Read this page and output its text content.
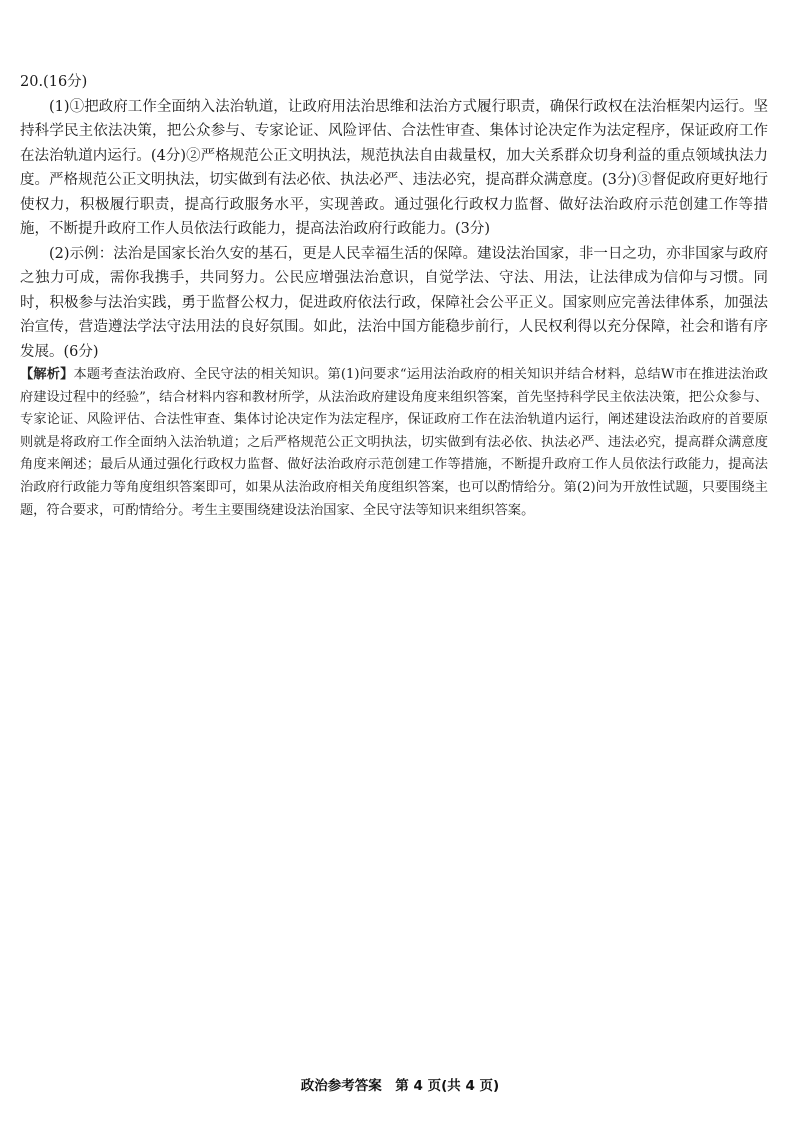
20.(16分)

(1)①把政府工作全面纳入法治轨道，让政府用法治思维和法治方式履行职责，确保行政权在法治框架内运行。坚持科学民主依法决策，把公众参与、专家论证、风险评估、合法性审查、集体讨论决定作为法定程序，保证政府工作在法治轨道内运行。(4分)②严格规范公正文明执法，规范执法自由裁量权，加大关系群众切身利益的重点领域执法力度。严格规范公正文明执法，切实做到有法必依、执法必严、违法必究，提高群众满意度。(3分)③督促政府更好地行使权力，积极履行职责，提高行政服务水平，实现善政。通过强化行政权力监督、做好法治政府示范创建工作等措施，不断提升政府工作人员依法行政能力，提高法治政府行政能力。(3分)

(2)示例：法治是国家长治久安的基石，更是人民幸福生活的保障。建设法治国家，非一日之功，亦非国家与政府之独力可成，需你我携手，共同努力。公民应增强法治意识，自觉学法、守法、用法，让法律成为信仰与习惯。同时，积极参与法治实践，勇于监督公权力，促进政府依法行政，保障社会公平正义。国家则应完善法律体系，加强法治宣传，营造遵法学法守法用法的良好氛围。如此，法治中国方能稳步前行，人民权利得以充分保障，社会和谐有序发展。(6分)

【解析】本题考查法治政府、全民守法的相关知识。第(1)问要求“运用法治政府的相关知识并结合材料，总结W市在推进法治政府建设过程中的经验”，结合材料内容和教材所学，从法治政府建设角度来组织答案，首先坚持科学民主依法决策，把公众参与、专家论证、风险评估、合法性审查、集体讨论决定作为法定程序，保证政府工作在法治轨道内运行，阐述建设法治政府的首要原则就是将政府工作全面纳入法治轨道；之后严格规范公正文明执法，切实做到有法必依、执法必严、违法必究，提高群众满意度角度来阐述；最后从通过强化行政权力监督、做好法治政府示范创建工作等措施，不断提升政府工作人员依法行政能力，提高法治政府行政能力等角度组织答案即可，如果从法治政府相关角度组织答案，也可以酌情给分。第(2)问为开放性试题，只要围绕主题，符合要求，可酌情给分。考生主要围绕建设法治国家、全民守法等知识来组织答案。

政治参考答案　第 4 页(共 4 页)
